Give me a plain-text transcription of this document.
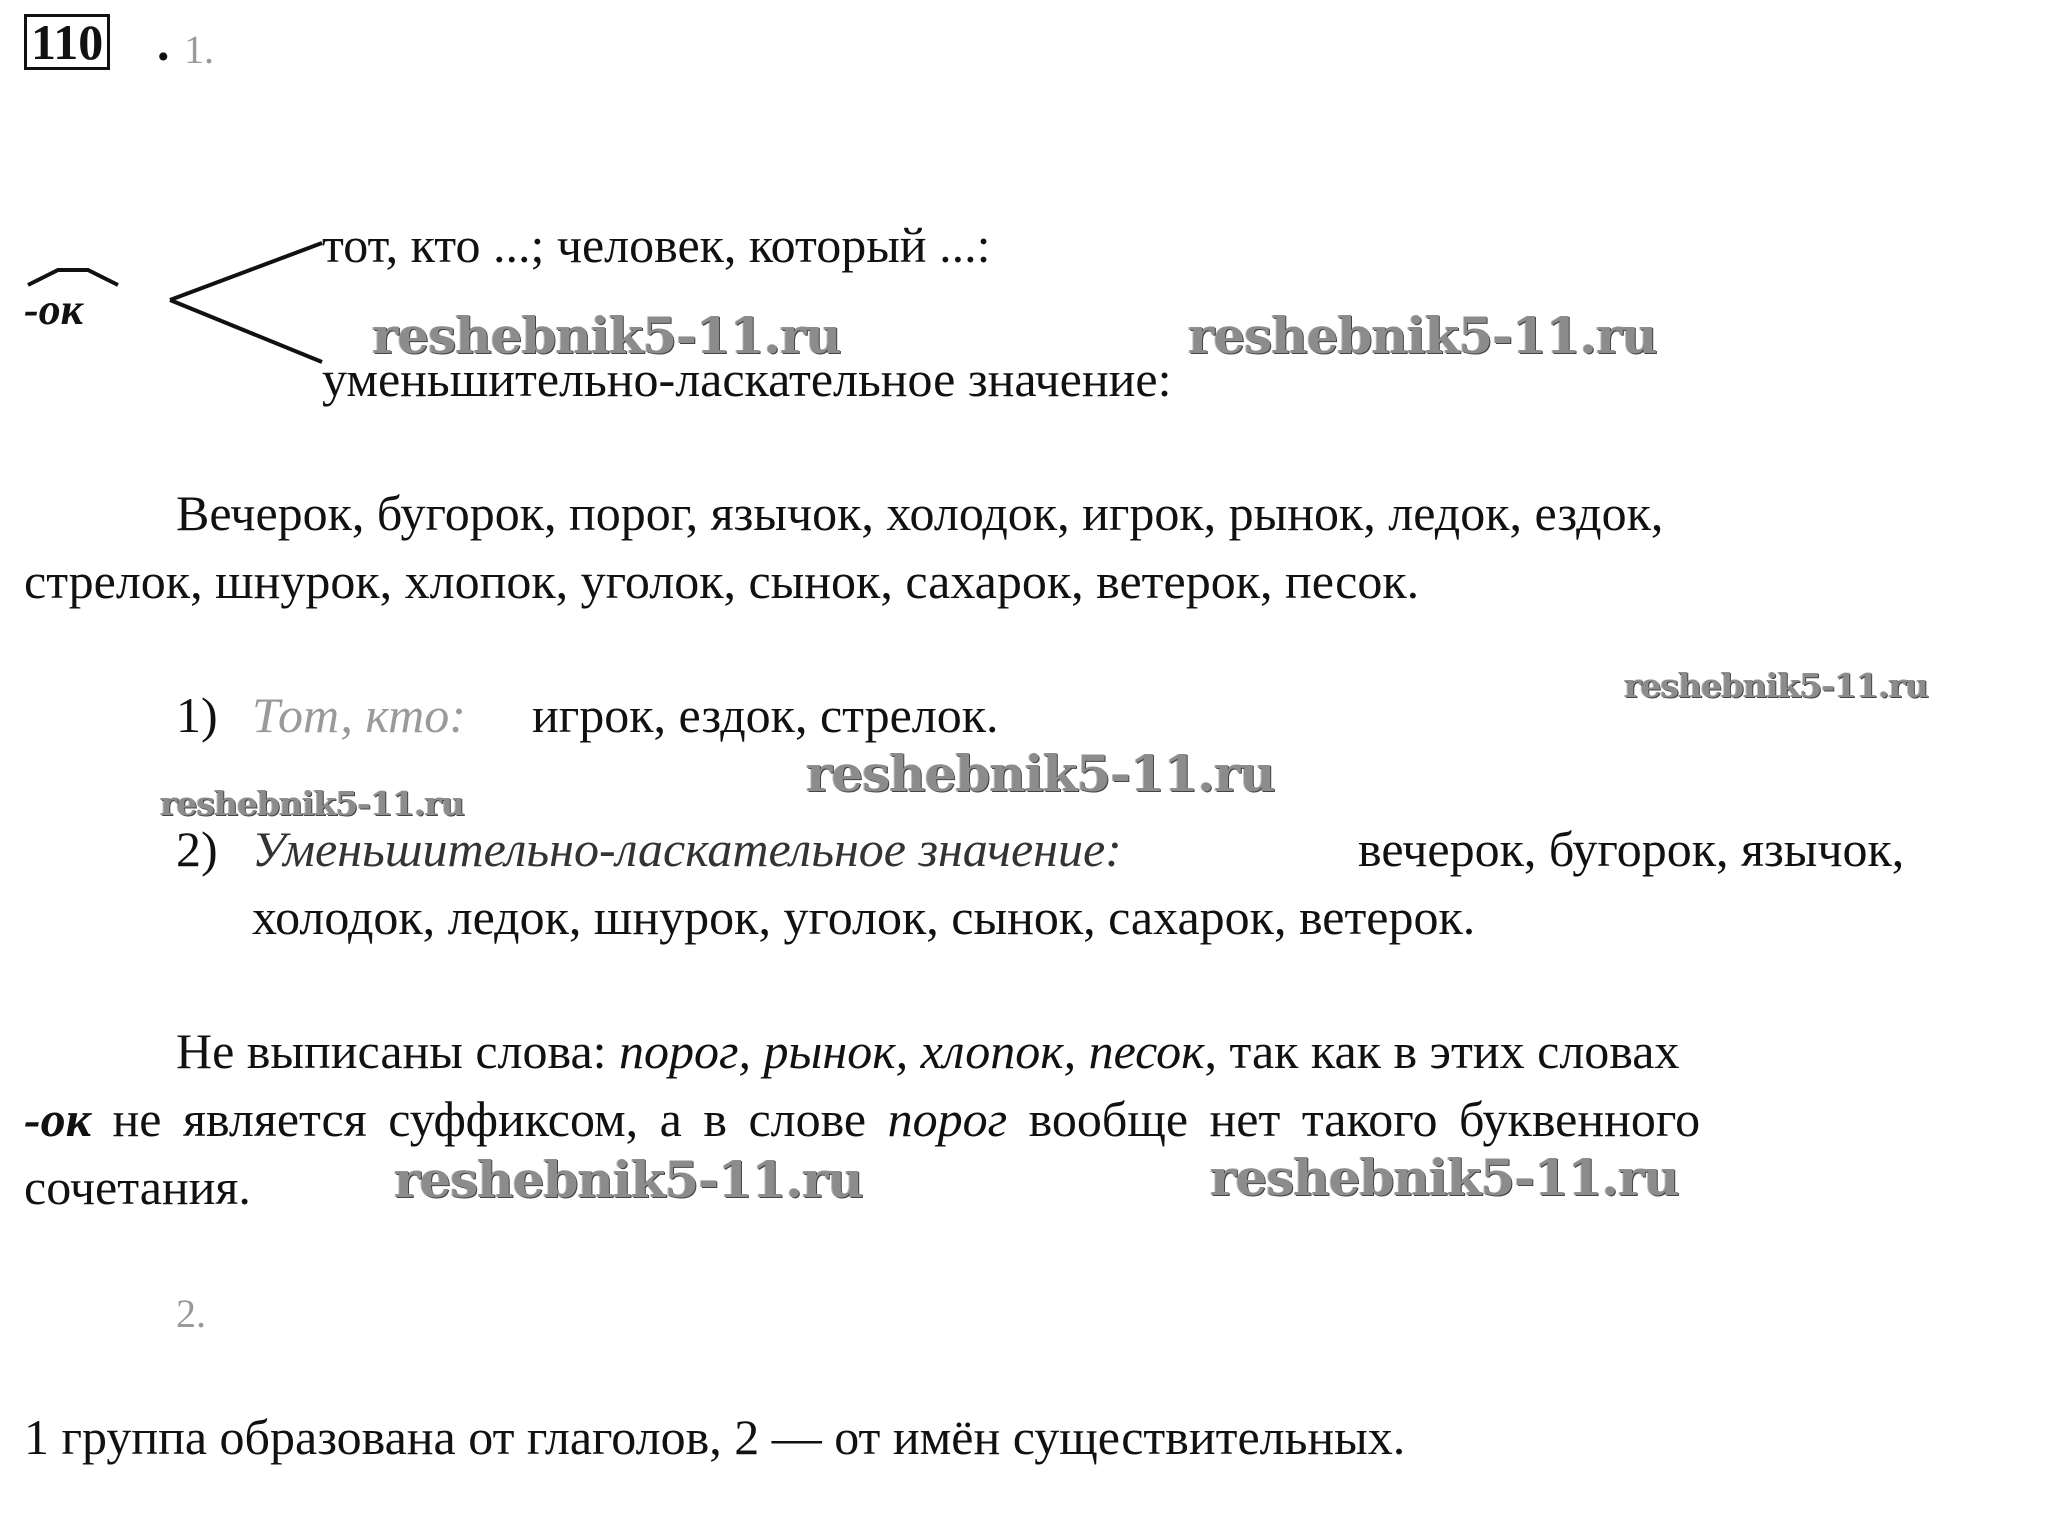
110 . 1.
-ок
тот, кто ...; человек, который ...:
уменьшительно-ласкательное значение:
Вечерок, бугорок, порог, язычок, холодок, игрок, рынок, ледок, ездок,
стрелок, шнурок, хлопок, уголок, сынок, сахарок, ветерок, песок.
1) Тот, кто: игрок, ездок, стрелок.
2) Уменьшительно-ласкательное значение:	вечерок, бугорок, язычок,
холодок, ледок, шнурок, уголок, сынок, сахарок, ветерок.
Не выписаны слова: порог, рынок, хлопок, песок, так как в этих словах
-ок не является суффиксом, а в слове порог вообще нет такого буквенного
сочетания.
2.
1 группа образована от глаголов, 2 — от имён существительных.
reshebnik5-11.ru	reshebnik5-11.ru
reshebnik5-11.ru
reshebnik5-11.ru
reshebnik5-11.ru
reshebnik5-11.ru	reshebnik5-11.ru
